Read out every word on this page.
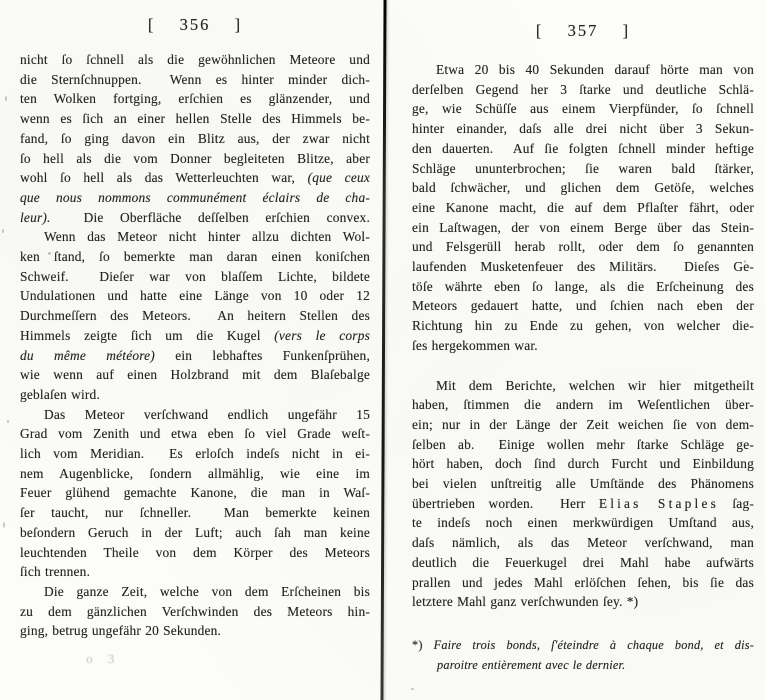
[  356  ]
nicht ſo ſchnell als die gewöhnlichen Meteore und
die Sternſchnuppen.  Wenn es hinter minder dich-
ten Wolken fortging, erſchien es glänzender, und
wenn es ſich an einer hellen Stelle des Himmels be-
fand, ſo ging davon ein Blitz aus, der zwar nicht
ſo hell als die vom Donner begleiteten Blitze, aber
wohl ſo hell als das Wetterleuchten war, (que ceux
que nous nommons communément éclairs de cha-
leur).  Die Oberfläche deſſelben erſchien convex.
Wenn das Meteor nicht hinter allzu dichten Wol-
ken ſtand, ſo bemerkte man daran einen koniſchen
Schweif.  Dieſer war von blaſſem Lichte, bildete
Undulationen und hatte eine Länge von 10 oder 12
Durchmeſſern des Meteors.  An heitern Stellen des
Himmels zeigte ſich um die Kugel (vers le corps
du même météore) ein lebhaftes Funkenſprühen,
wie wenn auf einen Holzbrand mit dem Blaſebalge
geblaſen wird.
Das Meteor verſchwand endlich ungefähr 15
Grad vom Zenith und etwa eben ſo viel Grade weſt-
lich vom Meridian.  Es erloſch indeſs nicht in ei-
nem Augenblicke, ſondern allmählig, wie eine im
Feuer glühend gemachte Kanone, die man in Waſ-
ſer taucht, nur ſchneller.  Man bemerkte keinen
beſondern Geruch in der Luft; auch ſah man keine
leuchtenden Theile von dem Körper des Meteors
ſich trennen.
Die ganze Zeit, welche von dem Erſcheinen bis
zu dem gänzlichen Verſchwinden des Meteors hin-
ging, betrug ungefähr 20 Sekunden.
o 3
[  357  ]
Etwa 20 bis 40 Sekunden darauf hörte man von
derſelben Gegend her 3 ſtarke und deutliche Schlä-
ge, wie Schüſſe aus einem Vierpfünder, ſo ſchnell
hinter einander, daſs alle drei nicht über 3 Sekun-
den dauerten.  Auf ſie folgten ſchnell minder heftige
Schläge ununterbrochen; ſie waren bald ſtärker,
bald ſchwächer, und glichen dem Getöſe, welches
eine Kanone macht, die auf dem Pflaſter fährt, oder
ein Laſtwagen, der von einem Berge über das Stein-
und Felsgerüll herab rollt, oder dem ſo genannten
laufenden Musketenfeuer des Militärs.  Dieſes Ge-
töſe währte eben ſo lange, als die Erſcheinung des
Meteors gedauert hatte, und ſchien nach eben der
Richtung hin zu Ende zu gehen, von welcher die-
ſes hergekommen war.
Mit dem Berichte, welchen wir hier mitgetheilt
haben, ſtimmen die andern im Weſentlichen über-
ein; nur in der Länge der Zeit weichen ſie von dem-
ſelben ab.  Einige wollen mehr ſtarke Schläge ge-
hört haben, doch ſind durch Furcht und Einbildung
bei vielen unſtreitig alle Umſtände des Phänomens
übertrieben worden.  Herr Elias Staples ſag-
te indeſs noch einen merkwürdigen Umſtand aus,
daſs nämlich, als das Meteor verſchwand, man
deutlich die Feuerkugel drei Mahl habe aufwärts
prallen und jedes Mahl erlöſchen ſehen, bis ſie das
letztere Mahl ganz verſchwunden ſey. *)
*) Faire trois bonds, ſ'éteindre à chaque bond, et dis-
paroitre entièrement avec le dernier.
